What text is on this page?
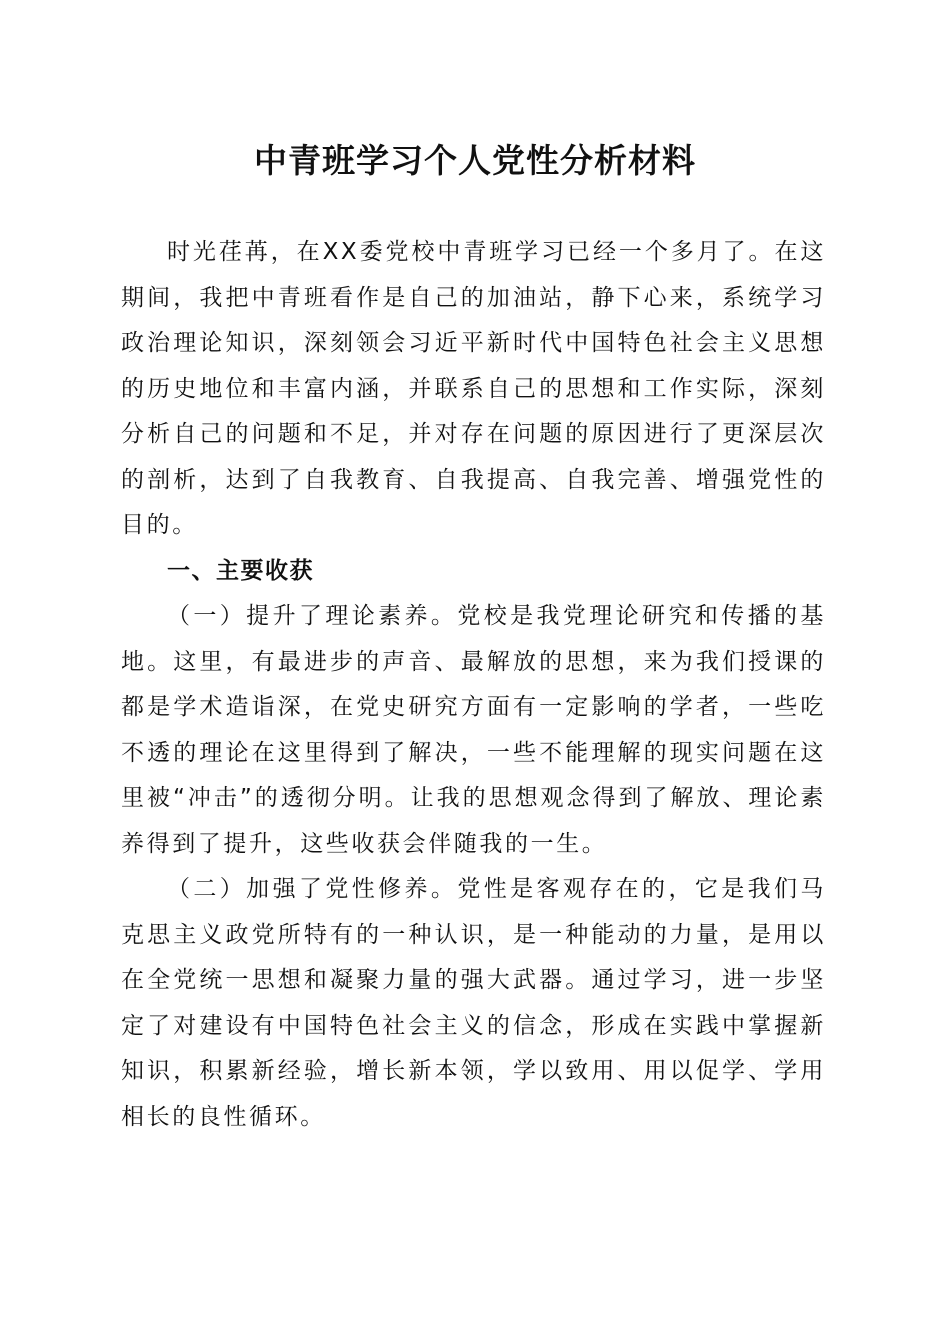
中青班学习个人党性分析材料

时光荏苒，在XX委党校中青班学习已经一个多月了。在这期间，我把中青班看作是自己的加油站，静下心来，系统学习政治理论知识，深刻领会习近平新时代中国特色社会主义思想的历史地位和丰富内涵，并联系自己的思想和工作实际，深刻分析自己的问题和不足，并对存在问题的原因进行了更深层次的剖析，达到了自我教育、自我提高、自我完善、增强党性的目的。

一、主要收获

（一）提升了理论素养。党校是我党理论研究和传播的基地。这里，有最进步的声音、最解放的思想，来为我们授课的都是学术造诣深，在党史研究方面有一定影响的学者，一些吃不透的理论在这里得到了解决，一些不能理解的现实问题在这里被“冲击”的透彻分明。让我的思想观念得到了解放、理论素养得到了提升，这些收获会伴随我的一生。

（二）加强了党性修养。党性是客观存在的，它是我们马克思主义政党所特有的一种认识，是一种能动的力量，是用以在全党统一思想和凝聚力量的强大武器。通过学习，进一步坚定了对建设有中国特色社会主义的信念，形成在实践中掌握新知识，积累新经验，增长新本领，学以致用、用以促学、学用相长的良性循环。
